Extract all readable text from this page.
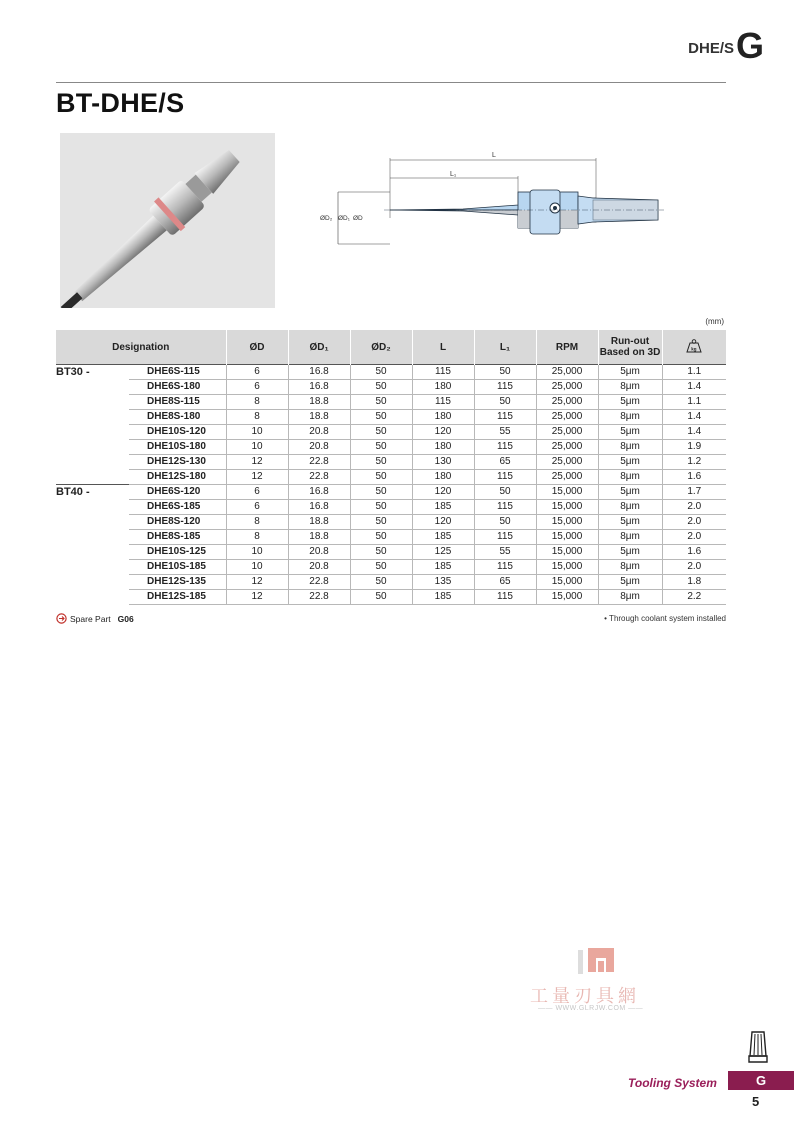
DHE/S G
BT-DHE/S
L
L₁
ØD₂ ØD₁ ØD
(mm)
Designation		ØD	ØD₁	ØD₂	L	L₁	RPM	Run-out
Based on 3D	kg

BT30 -	DHE6S-115	6	16.8	50	115	50	25,000	5μm	1.1
	DHE6S-180	6	16.8	50	180	115	25,000	8μm	1.4
	DHE8S-115	8	18.8	50	115	50	25,000	5μm	1.1
	DHE8S-180	8	18.8	50	180	115	25,000	8μm	1.4
	DHE10S-120	10	20.8	50	120	55	25,000	5μm	1.4
	DHE10S-180	10	20.8	50	180	115	25,000	8μm	1.9
	DHE12S-130	12	22.8	50	130	65	25,000	5μm	1.2
	DHE12S-180	12	22.8	50	180	115	25,000	8μm	1.6
BT40 -	DHE6S-120	6	16.8	50	120	50	15,000	5μm	1.7
	DHE6S-185	6	16.8	50	185	115	15,000	8μm	2.0
	DHE8S-120	8	18.8	50	120	50	15,000	5μm	2.0
	DHE8S-185	8	18.8	50	185	115	15,000	8μm	2.0
	DHE10S-125	10	20.8	50	125	55	15,000	5μm	1.6
	DHE10S-185	10	20.8	50	185	115	15,000	8μm	2.0
	DHE12S-135	12	22.8	50	135	65	15,000	5μm	1.8
	DHE12S-185	12	22.8	50	185	115	15,000	8μm	2.2
Spare Part G06	• Through coolant system installed
工量刃具網
—— WWW.GLRJW.COM ——
Tooling System	G
5
